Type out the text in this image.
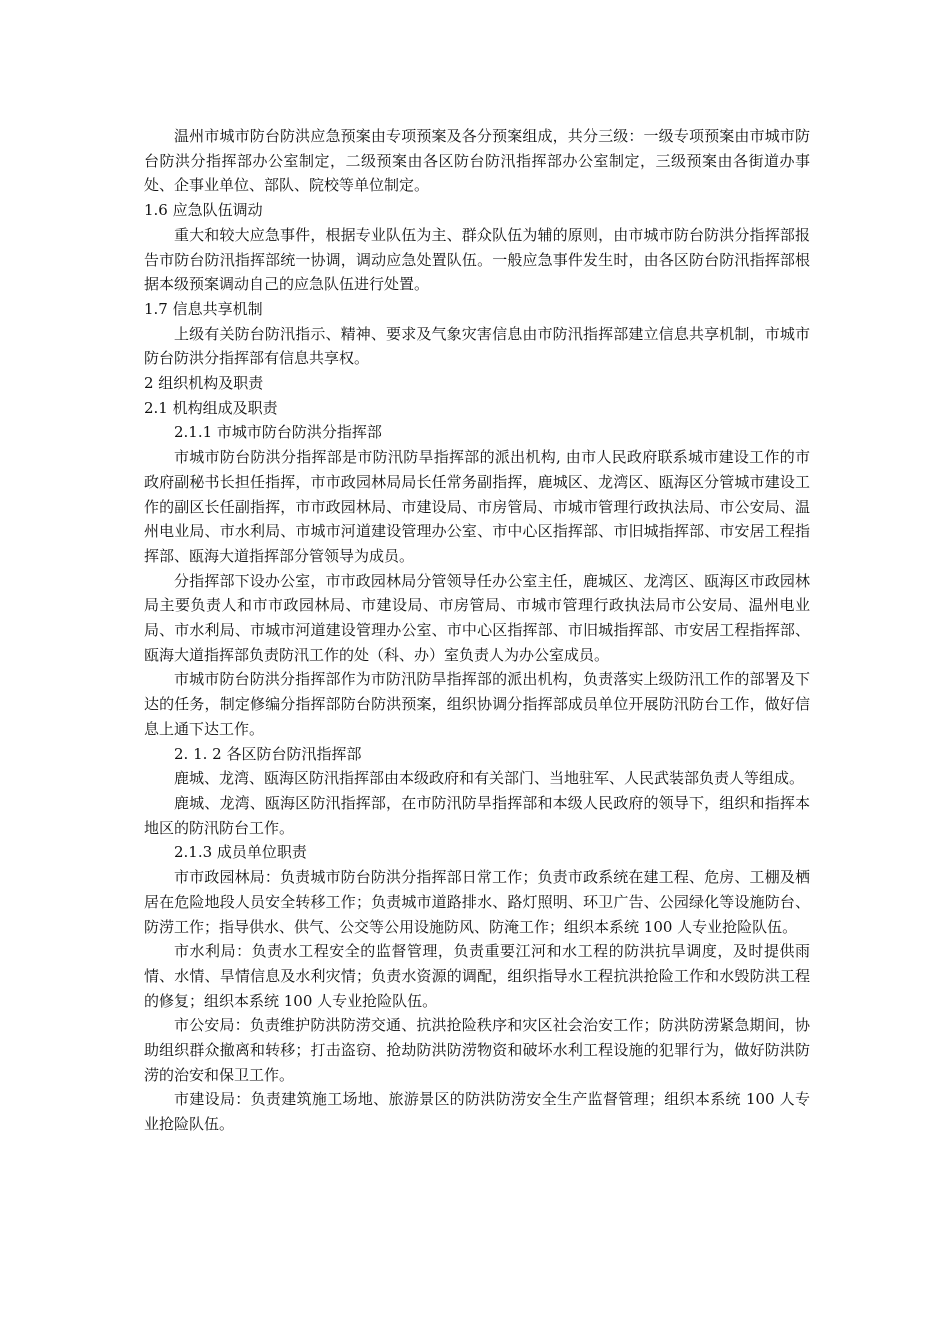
温州市城市防台防洪应急预案由专项预案及各分预案组成，共分三级：一级专项预案由市城市防台防洪分指挥部办公室制定，二级预案由各区防台防汛指挥部办公室制定，三级预案由各街道办事处、企事业单位、部队、院校等单位制定。

1.6 应急队伍调动

重大和较大应急事件，根据专业队伍为主、群众队伍为辅的原则，由市城市防台防洪分指挥部报告市防台防汛指挥部统一协调，调动应急处置队伍。一般应急事件发生时，由各区防台防汛指挥部根据本级预案调动自己的应急队伍进行处置。

1.7 信息共享机制

上级有关防台防汛指示、精神、要求及气象灾害信息由市防汛指挥部建立信息共享机制，市城市防台防洪分指挥部有信息共享权。

2 组织机构及职责

2.1 机构组成及职责

2.1.1 市城市防台防洪分指挥部

市城市防台防洪分指挥部是市防汛防旱指挥部的派出机构, 由市人民政府联系城市建设工作的市政府副秘书长担任指挥，市市政园林局局长任常务副指挥，鹿城区、龙湾区、瓯海区分管城市建设工作的副区长任副指挥，市市政园林局、市建设局、市房管局、市城市管理行政执法局、市公安局、温州电业局、市水利局、市城市河道建设管理办公室、市中心区指挥部、市旧城指挥部、市安居工程指挥部、瓯海大道指挥部分管领导为成员。

分指挥部下设办公室，市市政园林局分管领导任办公室主任，鹿城区、龙湾区、瓯海区市政园林局主要负责人和市市政园林局、市建设局、市房管局、市城市管理行政执法局市公安局、温州电业局、市水利局、市城市河道建设管理办公室、市中心区指挥部、市旧城指挥部、市安居工程指挥部、瓯海大道指挥部负责防汛工作的处（科、办）室负责人为办公室成员。

市城市防台防洪分指挥部作为市防汛防旱指挥部的派出机构，负责落实上级防汛工作的部署及下达的任务，制定修编分指挥部防台防洪预案，组织协调分指挥部成员单位开展防汛防台工作，做好信息上通下达工作。

2. 1. 2 各区防台防汛指挥部

鹿城、龙湾、瓯海区防汛指挥部由本级政府和有关部门、当地驻军、人民武装部负责人等组成。

鹿城、龙湾、瓯海区防汛指挥部，在市防汛防旱指挥部和本级人民政府的领导下，组织和指挥本地区的防汛防台工作。

2.1.3 成员单位职责

市市政园林局：负责城市防台防洪分指挥部日常工作；负责市政系统在建工程、危房、工棚及栖居在危险地段人员安全转移工作；负责城市道路排水、路灯照明、环卫广告、公园绿化等设施防台、防涝工作；指导供水、供气、公交等公用设施防风、防淹工作；组织本系统 100 人专业抢险队伍。

市水利局：负责水工程安全的监督管理，负责重要江河和水工程的防洪抗旱调度，及时提供雨情、水情、旱情信息及水利灾情；负责水资源的调配，组织指导水工程抗洪抢险工作和水毁防洪工程的修复；组织本系统 100 人专业抢险队伍。

市公安局：负责维护防洪防涝交通、抗洪抢险秩序和灾区社会治安工作；防洪防涝紧急期间，协助组织群众撤离和转移；打击盗窃、抢劫防洪防涝物资和破坏水利工程设施的犯罪行为，做好防洪防涝的治安和保卫工作。

市建设局：负责建筑施工场地、旅游景区的防洪防涝安全生产监督管理；组织本系统 100 人专业抢险队伍。
